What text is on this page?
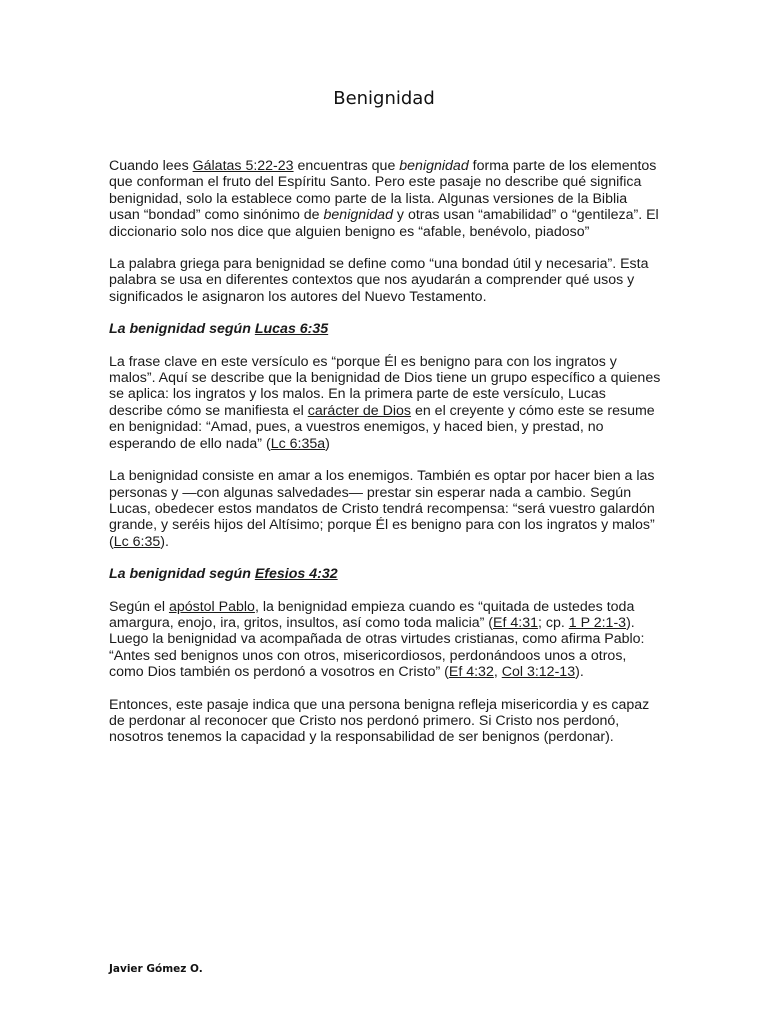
Benignidad

Cuando lees Gálatas 5:22-23 encuentras que benignidad forma parte de los elementos que conforman el fruto del Espíritu Santo. Pero este pasaje no describe qué significa benignidad, solo la establece como parte de la lista. Algunas versiones de la Biblia usan “bondad” como sinónimo de benignidad y otras usan “amabilidad” o “gentileza”. El diccionario solo nos dice que alguien benigno es “afable, benévolo, piadoso”

La palabra griega para benignidad se define como “una bondad útil y necesaria”. Esta palabra se usa en diferentes contextos que nos ayudarán a comprender qué usos y significados le asignaron los autores del Nuevo Testamento.

La benignidad según Lucas 6:35

La frase clave en este versículo es “porque Él es benigno para con los ingratos y malos”. Aquí se describe que la benignidad de Dios tiene un grupo específico a quienes se aplica: los ingratos y los malos. En la primera parte de este versículo, Lucas describe cómo se manifiesta el carácter de Dios en el creyente y cómo este se resume en benignidad: “Amad, pues, a vuestros enemigos, y haced bien, y prestad, no esperando de ello nada” (Lc 6:35a)

La benignidad consiste en amar a los enemigos. También es optar por hacer bien a las personas y —con algunas salvedades— prestar sin esperar nada a cambio. Según Lucas, obedecer estos mandatos de Cristo tendrá recompensa: “será vuestro galardón grande, y seréis hijos del Altísimo; porque Él es benigno para con los ingratos y malos” (Lc 6:35).

La benignidad según Efesios 4:32

Según el apóstol Pablo, la benignidad empieza cuando es “quitada de ustedes toda amargura, enojo, ira, gritos, insultos, así como toda malicia” (Ef 4:31; cp. 1 P 2:1-3). Luego la benignidad va acompañada de otras virtudes cristianas, como afirma Pablo: “Antes sed benignos unos con otros, misericordiosos, perdonándoos unos a otros, como Dios también os perdonó a vosotros en Cristo” (Ef 4:32, Col 3:12-13).

Entonces, este pasaje indica que una persona benigna refleja misericordia y es capaz de perdonar al reconocer que Cristo nos perdonó primero. Si Cristo nos perdonó, nosotros tenemos la capacidad y la responsabilidad de ser benignos (perdonar).

Javier Gómez O.
